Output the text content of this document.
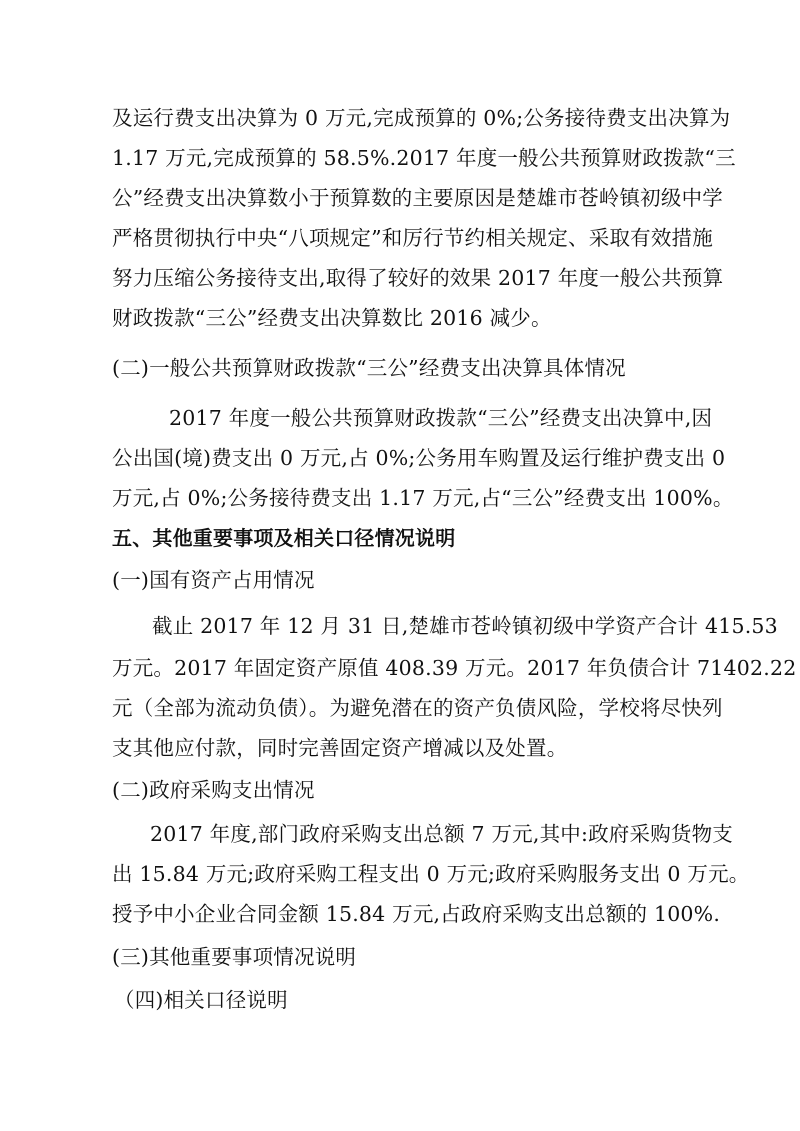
及运行费支出决算为 0 万元,完成预算的 0%;公务接待费支出决算为
1.17 万元,完成预算的 58.5%.2017 年度一般公共预算财政拨款“三
公”经费支出决算数小于预算数的主要原因是楚雄市苍岭镇初级中学
严格贯彻执行中央“八项规定”和厉行节约相关规定、采取有效措施
努力压缩公务接待支出,取得了较好的效果 2017 年度一般公共预算
财政拨款“三公”经费支出决算数比 2016 减少。
(二)一般公共预算财政拨款“三公”经费支出决算具体情况
2017 年度一般公共预算财政拨款“三公”经费支出决算中,因
公出国(境)费支出 0 万元,占 0%;公务用车购置及运行维护费支出 0
万元,占 0%;公务接待费支出 1.17 万元,占“三公”经费支出 100%。
五、其他重要事项及相关口径情况说明
(一)国有资产占用情况
截止 2017 年 12 月 31 日,楚雄市苍岭镇初级中学资产合计 415.53
万元。2017 年固定资产原值 408.39 万元。2017 年负债合计 71402.22
元（全部为流动负债）。为避免潜在的资产负债风险，学校将尽快列
支其他应付款，同时完善固定资产增减以及处置。
(二)政府采购支出情况
2017 年度,部门政府采购支出总额 7 万元,其中:政府采购货物支
出 15.84 万元;政府采购工程支出 0 万元;政府采购服务支出 0 万元。
授予中小企业合同金额 15.84 万元,占政府采购支出总额的 100%.
(三)其他重要事项情况说明
（四)相关口径说明
